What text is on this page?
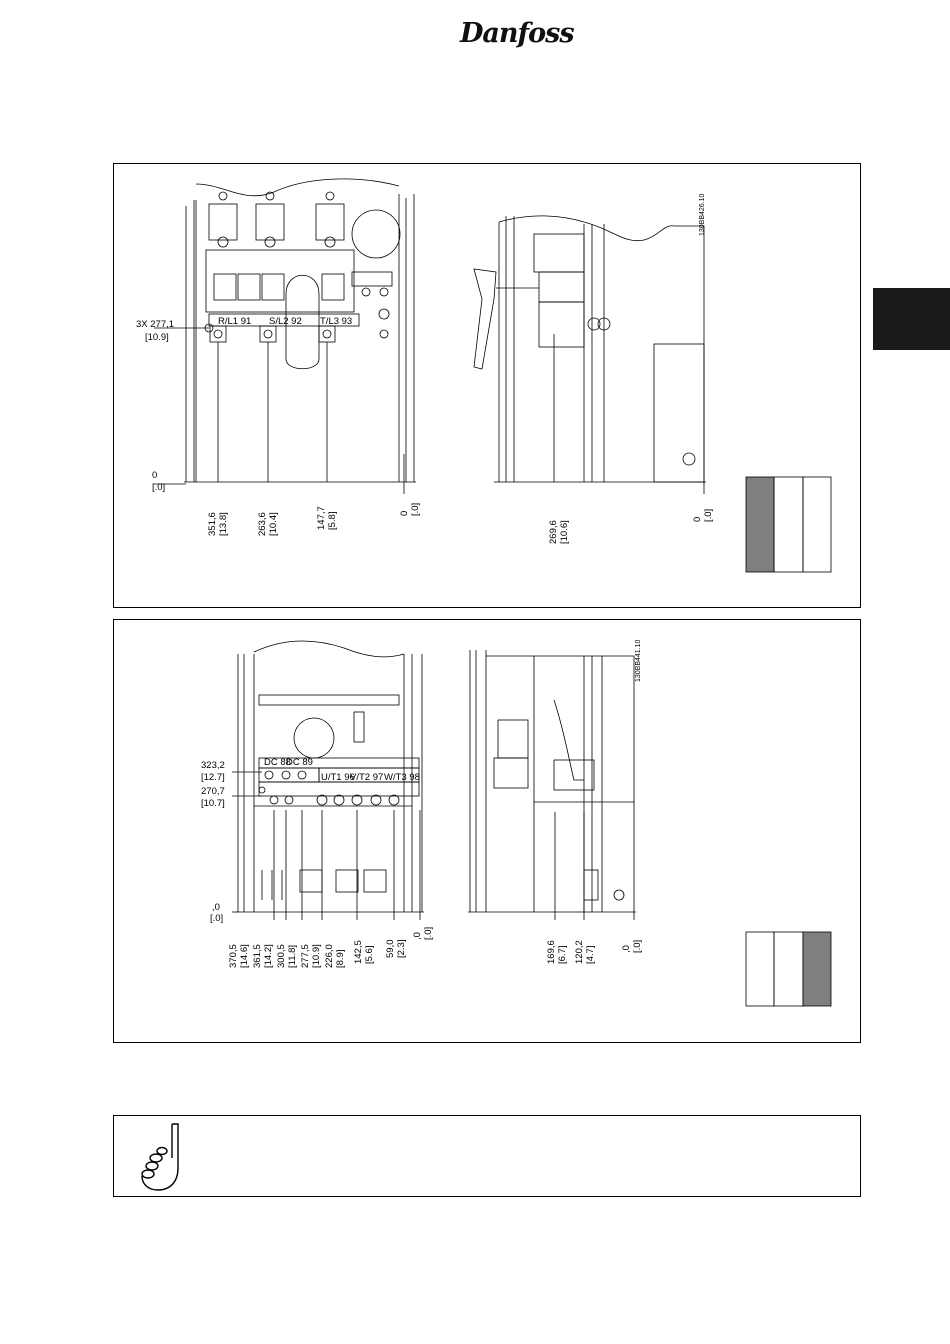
Danfoss
R/L1 91 S/L2 92 T/L3 93
3X 277,1
[10.9]
0
[.0]
351,6 [13.8]	263,6 [10.4]	147,7 [5.8]	0 [.0]
269,6 [10.6]
0 [.0]
130BB426.10
DC 88
DC 89
U/T1 96
V/T2 97 W/T3 98
323,2
[12.7]
270,7
[10.7]
,0
[.0]
370,5 [14.6] 361,5 [14.2] 300,5 [11.8] 277,5 [10.9] 226,0 [8.9] 142,5 [5.6] 59,0 [2.3]
,0 [.0]
169,6 [6.7] 120,2 [4.7]	,0 [.0]
130BB441.10
